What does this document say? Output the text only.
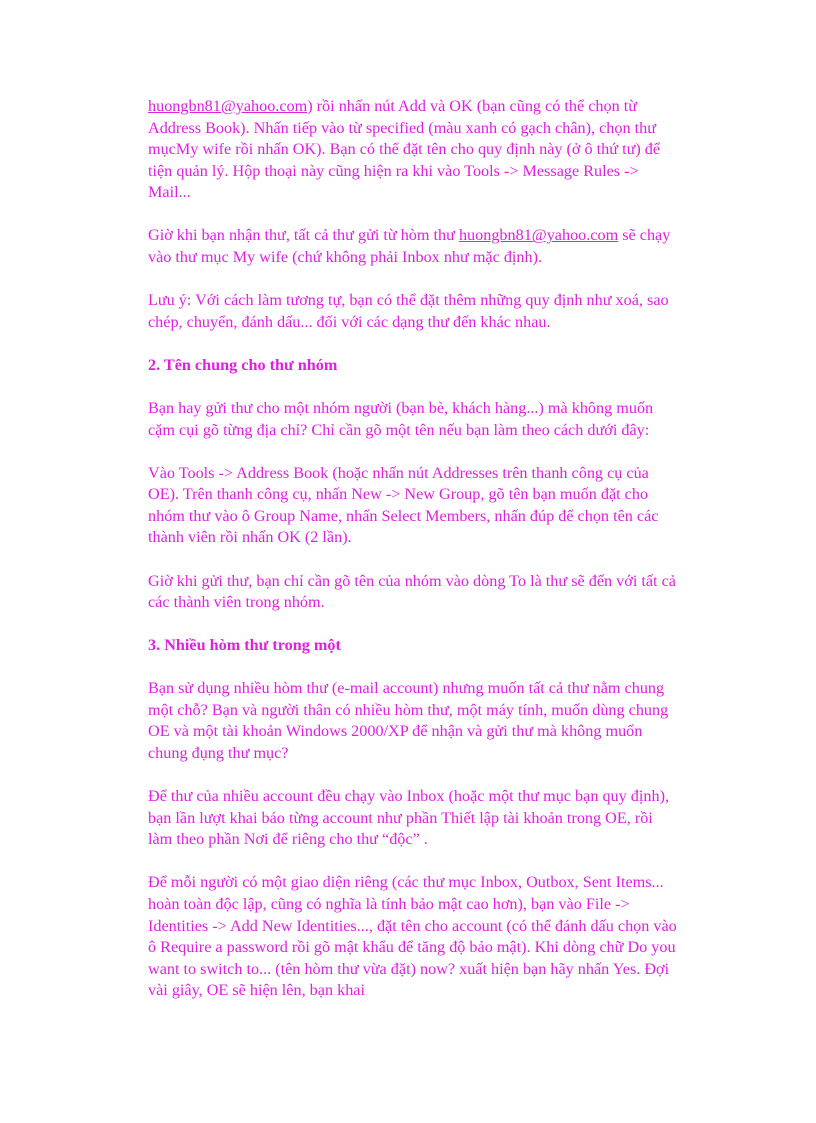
huongbn81@yahoo.com) rồi nhấn nút Add và OK (bạn cũng có thể chọn từ Address Book). Nhấn tiếp vào từ specified (màu xanh có gạch chân), chọn thư mụcMy wife rồi nhấn OK). Bạn có thể đặt tên cho quy định này (ở ô thứ tư) để tiện quản lý. Hộp thoại này cũng hiện ra khi vào Tools -> Message Rules -> Mail...

Giờ khi bạn nhận thư, tất cả thư gửi từ hòm thư huongbn81@yahoo.com sẽ chạy vào thư mục My wife (chứ không phải Inbox như mặc định).

Lưu ý: Với cách làm tương tự, bạn có thể đặt thêm những quy định như xoá, sao chép, chuyển, đánh dấu... đối với các dạng thư đến khác nhau.

2. Tên chung cho thư nhóm

Bạn hay gửi thư cho một nhóm người (bạn bè, khách hàng...) mà không muốn cặm cụi gõ từng địa chỉ? Chỉ cần gõ một tên nếu bạn làm theo cách dưới đây:

Vào Tools -> Address Book (hoặc nhấn nút Addresses trên thanh công cụ của OE). Trên thanh công cụ, nhấn New -> New Group, gõ tên bạn muốn đặt cho nhóm thư vào ô Group Name, nhấn Select Members, nhấn đúp để chọn tên các thành viên rồi nhấn OK (2 lần).

Giờ khi gửi thư, bạn chỉ cần gõ tên của nhóm vào dòng To là thư sẽ đến với tất cả các thành viên trong nhóm.

3. Nhiều hòm thư trong một

Bạn sử dụng nhiều hòm thư (e-mail account) nhưng muốn tất cả thư nằm chung một chỗ? Bạn và người thân có nhiều hòm thư, một máy tính, muốn dùng chung OE và một tài khoản Windows 2000/XP để nhận và gửi thư mà không muốn chung đụng thư mục?

Để thư của nhiều account đều chạy vào Inbox (hoặc một thư mục bạn quy định), bạn lần lượt khai báo từng account như phần Thiết lập tài khoản trong OE, rồi làm theo phần Nơi để riêng cho thư “độc” .

Để mỗi người có một giao diện riêng (các thư mục Inbox, Outbox, Sent Items... hoàn toàn độc lập, cũng có nghĩa là tính bảo mật cao hơn), bạn vào File -> Identities -> Add New Identities..., đặt tên cho account (có thể đánh dấu chọn vào ô Require a password rồi gõ mật khẩu để tăng độ bảo mật). Khi dòng chữ Do you want to switch to... (tên hòm thư vừa đặt) now? xuất hiện bạn hãy nhấn Yes. Đợi vài giây, OE sẽ hiện lên, bạn khai
